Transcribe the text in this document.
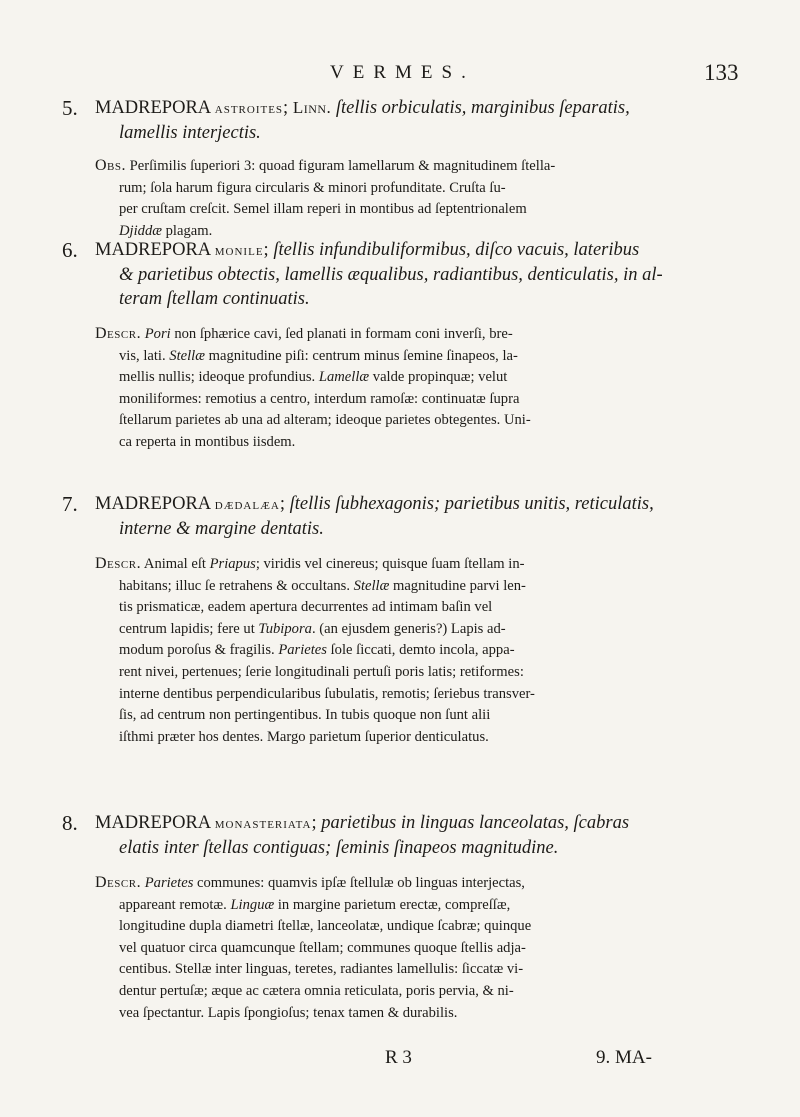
VERMES.	133
5. MADREPORA astroites; Linn. ſtellis orbiculatis, marginibus ſeparatis,
lamellis interjectis.

Obs. Perſimilis ſuperiori 3: quoad figuram lamellarum & magnitudinem ſtella-
rum; ſola harum figura circularis & minori profunditate. Cruſta ſu-
per cruſtam creſcit. Semel illam reperi in montibus ad ſeptentrionalem
Djiddæ plagam.

6. MADREPORA monile; ſtellis infundibuliformibus, diſco vacuis, lateribus
& parietibus obtectis, lamellis æqualibus, radiantibus, denticulatis, in al-
teram ſtellam continuatis.

Descr. Pori non ſphærice cavi, ſed planati in formam coni inverſi, bre-
vis, lati. Stellæ magnitudine piſi: centrum minus ſemine ſinapeos, la-
mellis nullis; ideoque profundius. Lamellæ valde propinquæ; velut
moniliformes: remotius a centro, interdum ramoſæ: continuatæ ſupra
ſtellarum parietes ab una ad alteram; ideoque parietes obtegentes. Uni-
ca reperta in montibus iisdem.

7. MADREPORA dædalæa; ſtellis ſubhexagonis; parietibus unitis, reticulatis,
interne & margine dentatis.

Descr. Animal eſt Priapus; viridis vel cinereus; quisque ſuam ſtellam in-
habitans; illuc ſe retrahens & occultans. Stellæ magnitudine parvi len-
tis prismaticæ, eadem apertura decurrentes ad intimam baſin vel
centrum lapidis; fere ut Tubipora. (an ejusdem generis?) Lapis ad-
modum poroſus & fragilis. Parietes ſole ſiccati, demto incola, appa-
rent nivei, pertenues; ſerie longitudinali pertuſi poris latis; retiformes:
interne dentibus perpendicularibus ſubulatis, remotis; ſeriebus transver-
ſis, ad centrum non pertingentibus. In tubis quoque non ſunt alii
iſthmi præter hos dentes. Margo parietum ſuperior denticulatus.

8. MADREPORA monasteriata; parietibus in linguas lanceolatas, ſcabras
elatis inter ſtellas contiguas; ſeminis ſinapeos magnitudine.

Descr. Parietes communes: quamvis ipſæ ſtellulæ ob linguas interjectas,
appareant remotæ. Linguæ in margine parietum erectæ, compreſſæ,
longitudine dupla diametri ſtellæ, lanceolatæ, undique ſcabræ; quinque
vel quatuor circa quamcunque ſtellam; communes quoque ſtellis adja-
centibus. Stellæ inter linguas, teretes, radiantes lamellulis: ſiccatæ vi-
dentur pertuſæ; æque ac cætera omnia reticulata, poris pervia, & ni-
vea ſpectantur. Lapis ſpongioſus; tenax tamen & durabilis.

R 3	9. MA-
